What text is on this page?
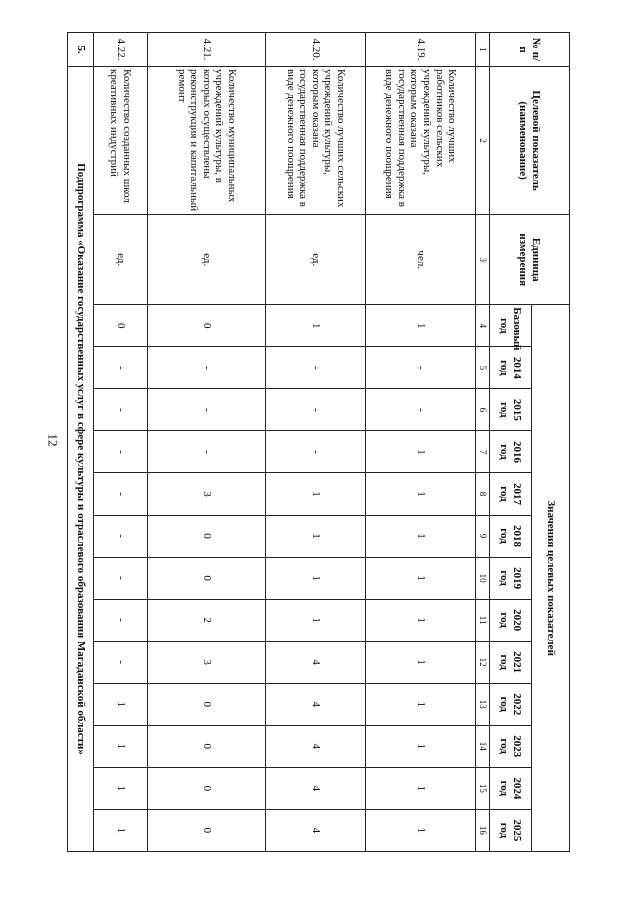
12
№ п/п	Целевой показатель (наименование)	Единица измерения	Значения целевых показателей												
			Базовый год	2014 год	2015 год	2016 год	2017 год	2018 год	2019 год	2020 год	2021 год	2022 год	2023 год	2024 год	2025 год
1	2	3	4	5	6	7	8	9	10	11	12	13	14	15	16
4.19.	Количество лучших работников сельских учреждений культуры, которым оказана государственная поддержка в виде денежного поощрения	чел.	1	-	-	1	1	1	1	1	1	1	1	1	1
4.20.	Количество лучших сельских учреждений культуры, которым оказана государственная поддержка в виде денежного поощрения	ед.	1	-	-	-	1	1	1	1	4	4	4	4	4
4.21.	Количество муниципальных учреждений культуры, в которых осуществлены реконструкция и капитальный ремонт	ед.	0	-	-	-	3	0	0	2	3	0	0	0	0
4.22.	Количество созданных школ креативных индустрий	ед.	0	-	-	-	-	-	-	-	-	1	1	1	1
5.	Подпрограмма «Оказание государственных услуг в сфере культуры и отраслевого образования Магаданской области»														
